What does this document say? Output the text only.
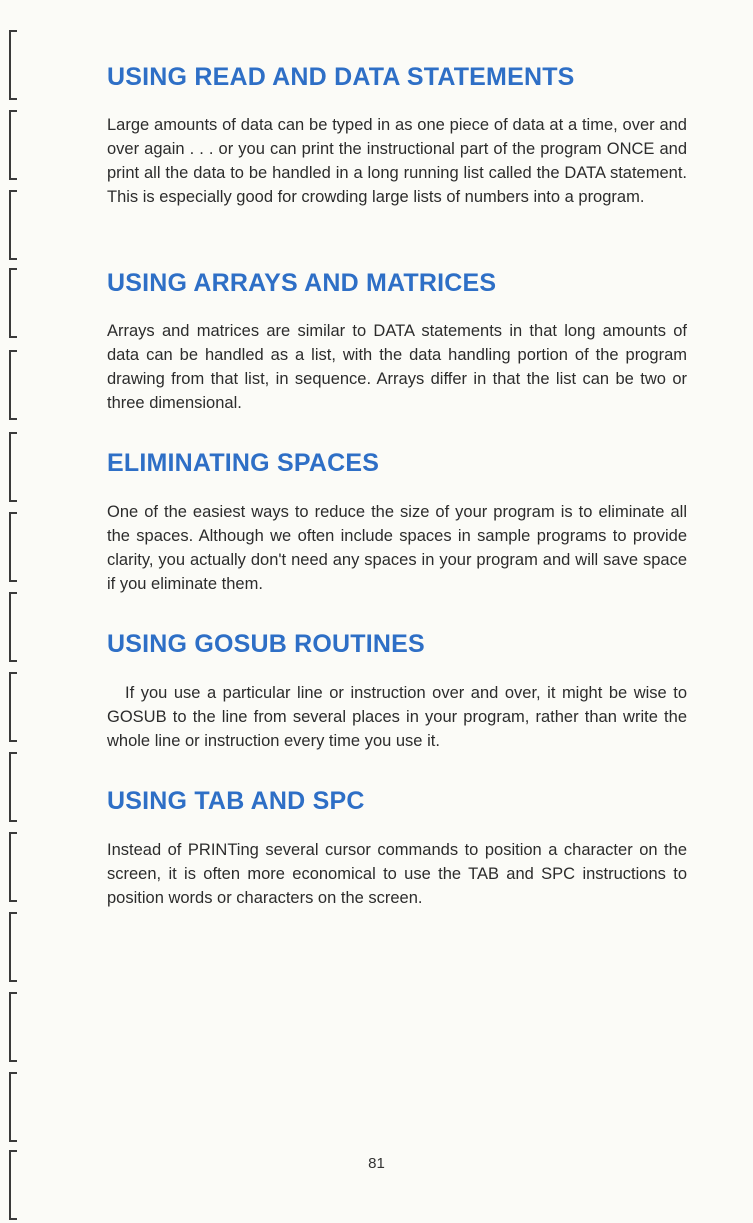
USING READ AND DATA STATEMENTS

Large amounts of data can be typed in as one piece of data at a time, over and over again . . . or you can print the instructional part of the program ONCE and print all the data to be handled in a long running list called the DATA statement. This is especially good for crowding large lists of numbers into a program.

USING ARRAYS AND MATRICES

Arrays and matrices are similar to DATA statements in that long amounts of data can be handled as a list, with the data handling portion of the program drawing from that list, in sequence. Arrays differ in that the list can be two or three dimensional.

ELIMINATING SPACES

One of the easiest ways to reduce the size of your program is to eliminate all the spaces. Although we often include spaces in sample programs to provide clarity, you actually don't need any spaces in your program and will save space if you eliminate them.

USING GOSUB ROUTINES

If you use a particular line or instruction over and over, it might be wise to GOSUB to the line from several places in your program, rather than write the whole line or instruction every time you use it.

USING TAB AND SPC

Instead of PRINTing several cursor commands to position a character on the screen, it is often more economical to use the TAB and SPC instructions to position words or characters on the screen.

81
